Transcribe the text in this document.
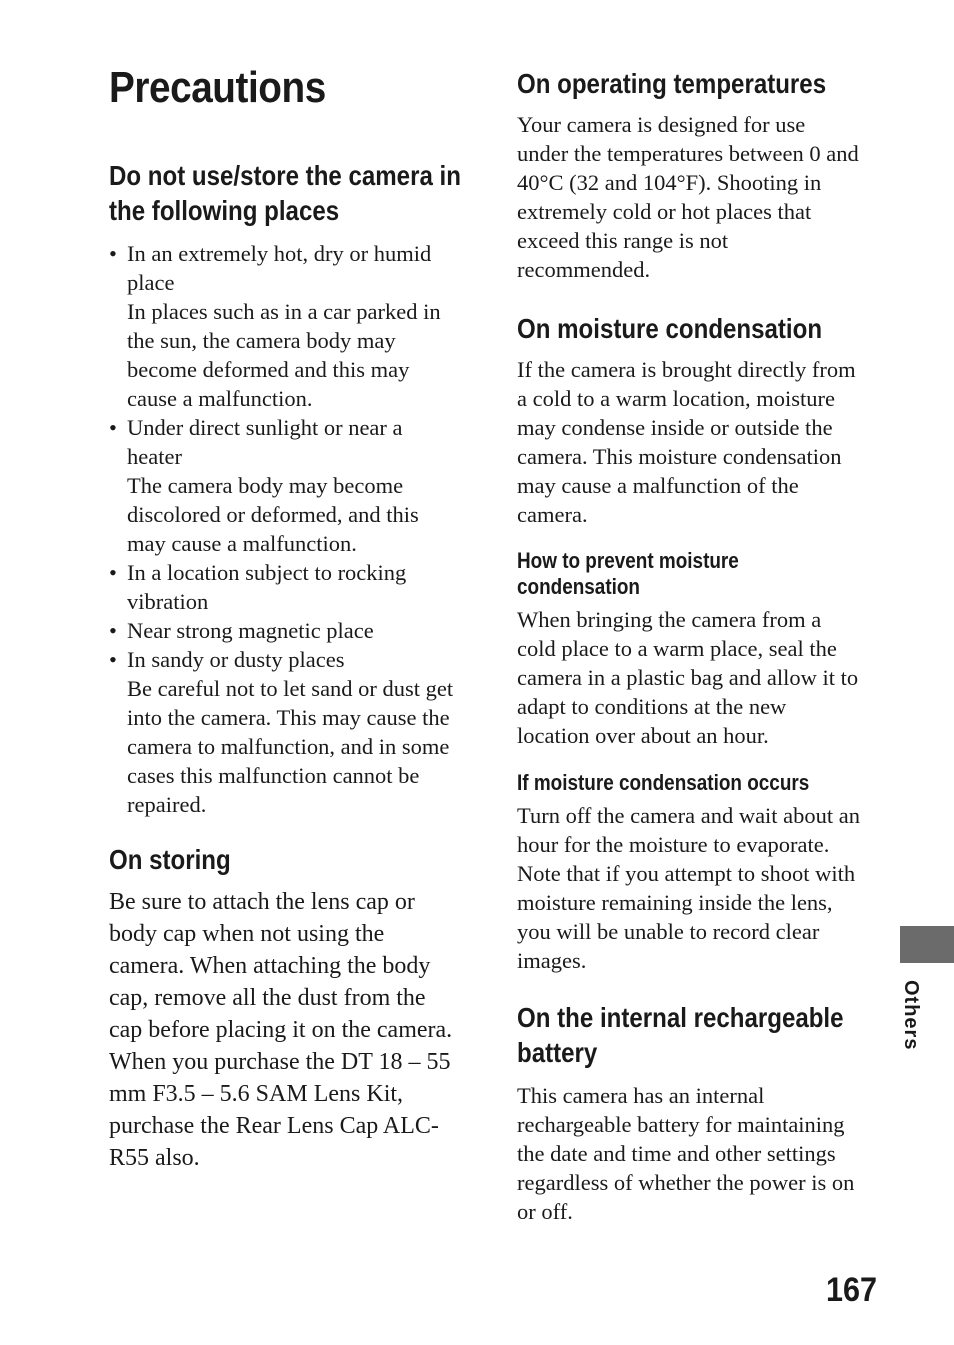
Precautions
Do not use/store the camera in
the following places
• In an extremely hot, dry or humid
place
In places such as in a car parked in
the sun, the camera body may
become deformed and this may
cause a malfunction.
• Under direct sunlight or near a
heater
The camera body may become
discolored or deformed, and this
may cause a malfunction.
• In a location subject to rocking
vibration
• Near strong magnetic place
• In sandy or dusty places
Be careful not to let sand or dust get
into the camera. This may cause the
camera to malfunction, and in some
cases this malfunction cannot be
repaired.
On storing
Be sure to attach the lens cap or
body cap when not using the
camera. When attaching the body
cap, remove all the dust from the
cap before placing it on the camera.
When you purchase the DT 18 – 55
mm F3.5 – 5.6 SAM Lens Kit,
purchase the Rear Lens Cap ALC-
R55 also.
On operating temperatures
Your camera is designed for use
under the temperatures between 0 and
40°C (32 and 104°F). Shooting in
extremely cold or hot places that
exceed this range is not
recommended.
On moisture condensation
If the camera is brought directly from
a cold to a warm location, moisture
may condense inside or outside the
camera. This moisture condensation
may cause a malfunction of the
camera.
How to prevent moisture
condensation
When bringing the camera from a
cold place to a warm place, seal the
camera in a plastic bag and allow it to
adapt to conditions at the new
location over about an hour.
If moisture condensation occurs
Turn off the camera and wait about an
hour for the moisture to evaporate.
Note that if you attempt to shoot with
moisture remaining inside the lens,
you will be unable to record clear
images.
On the internal rechargeable
battery
This camera has an internal
rechargeable battery for maintaining
the date and time and other settings
regardless of whether the power is on
or off.
Others
167
